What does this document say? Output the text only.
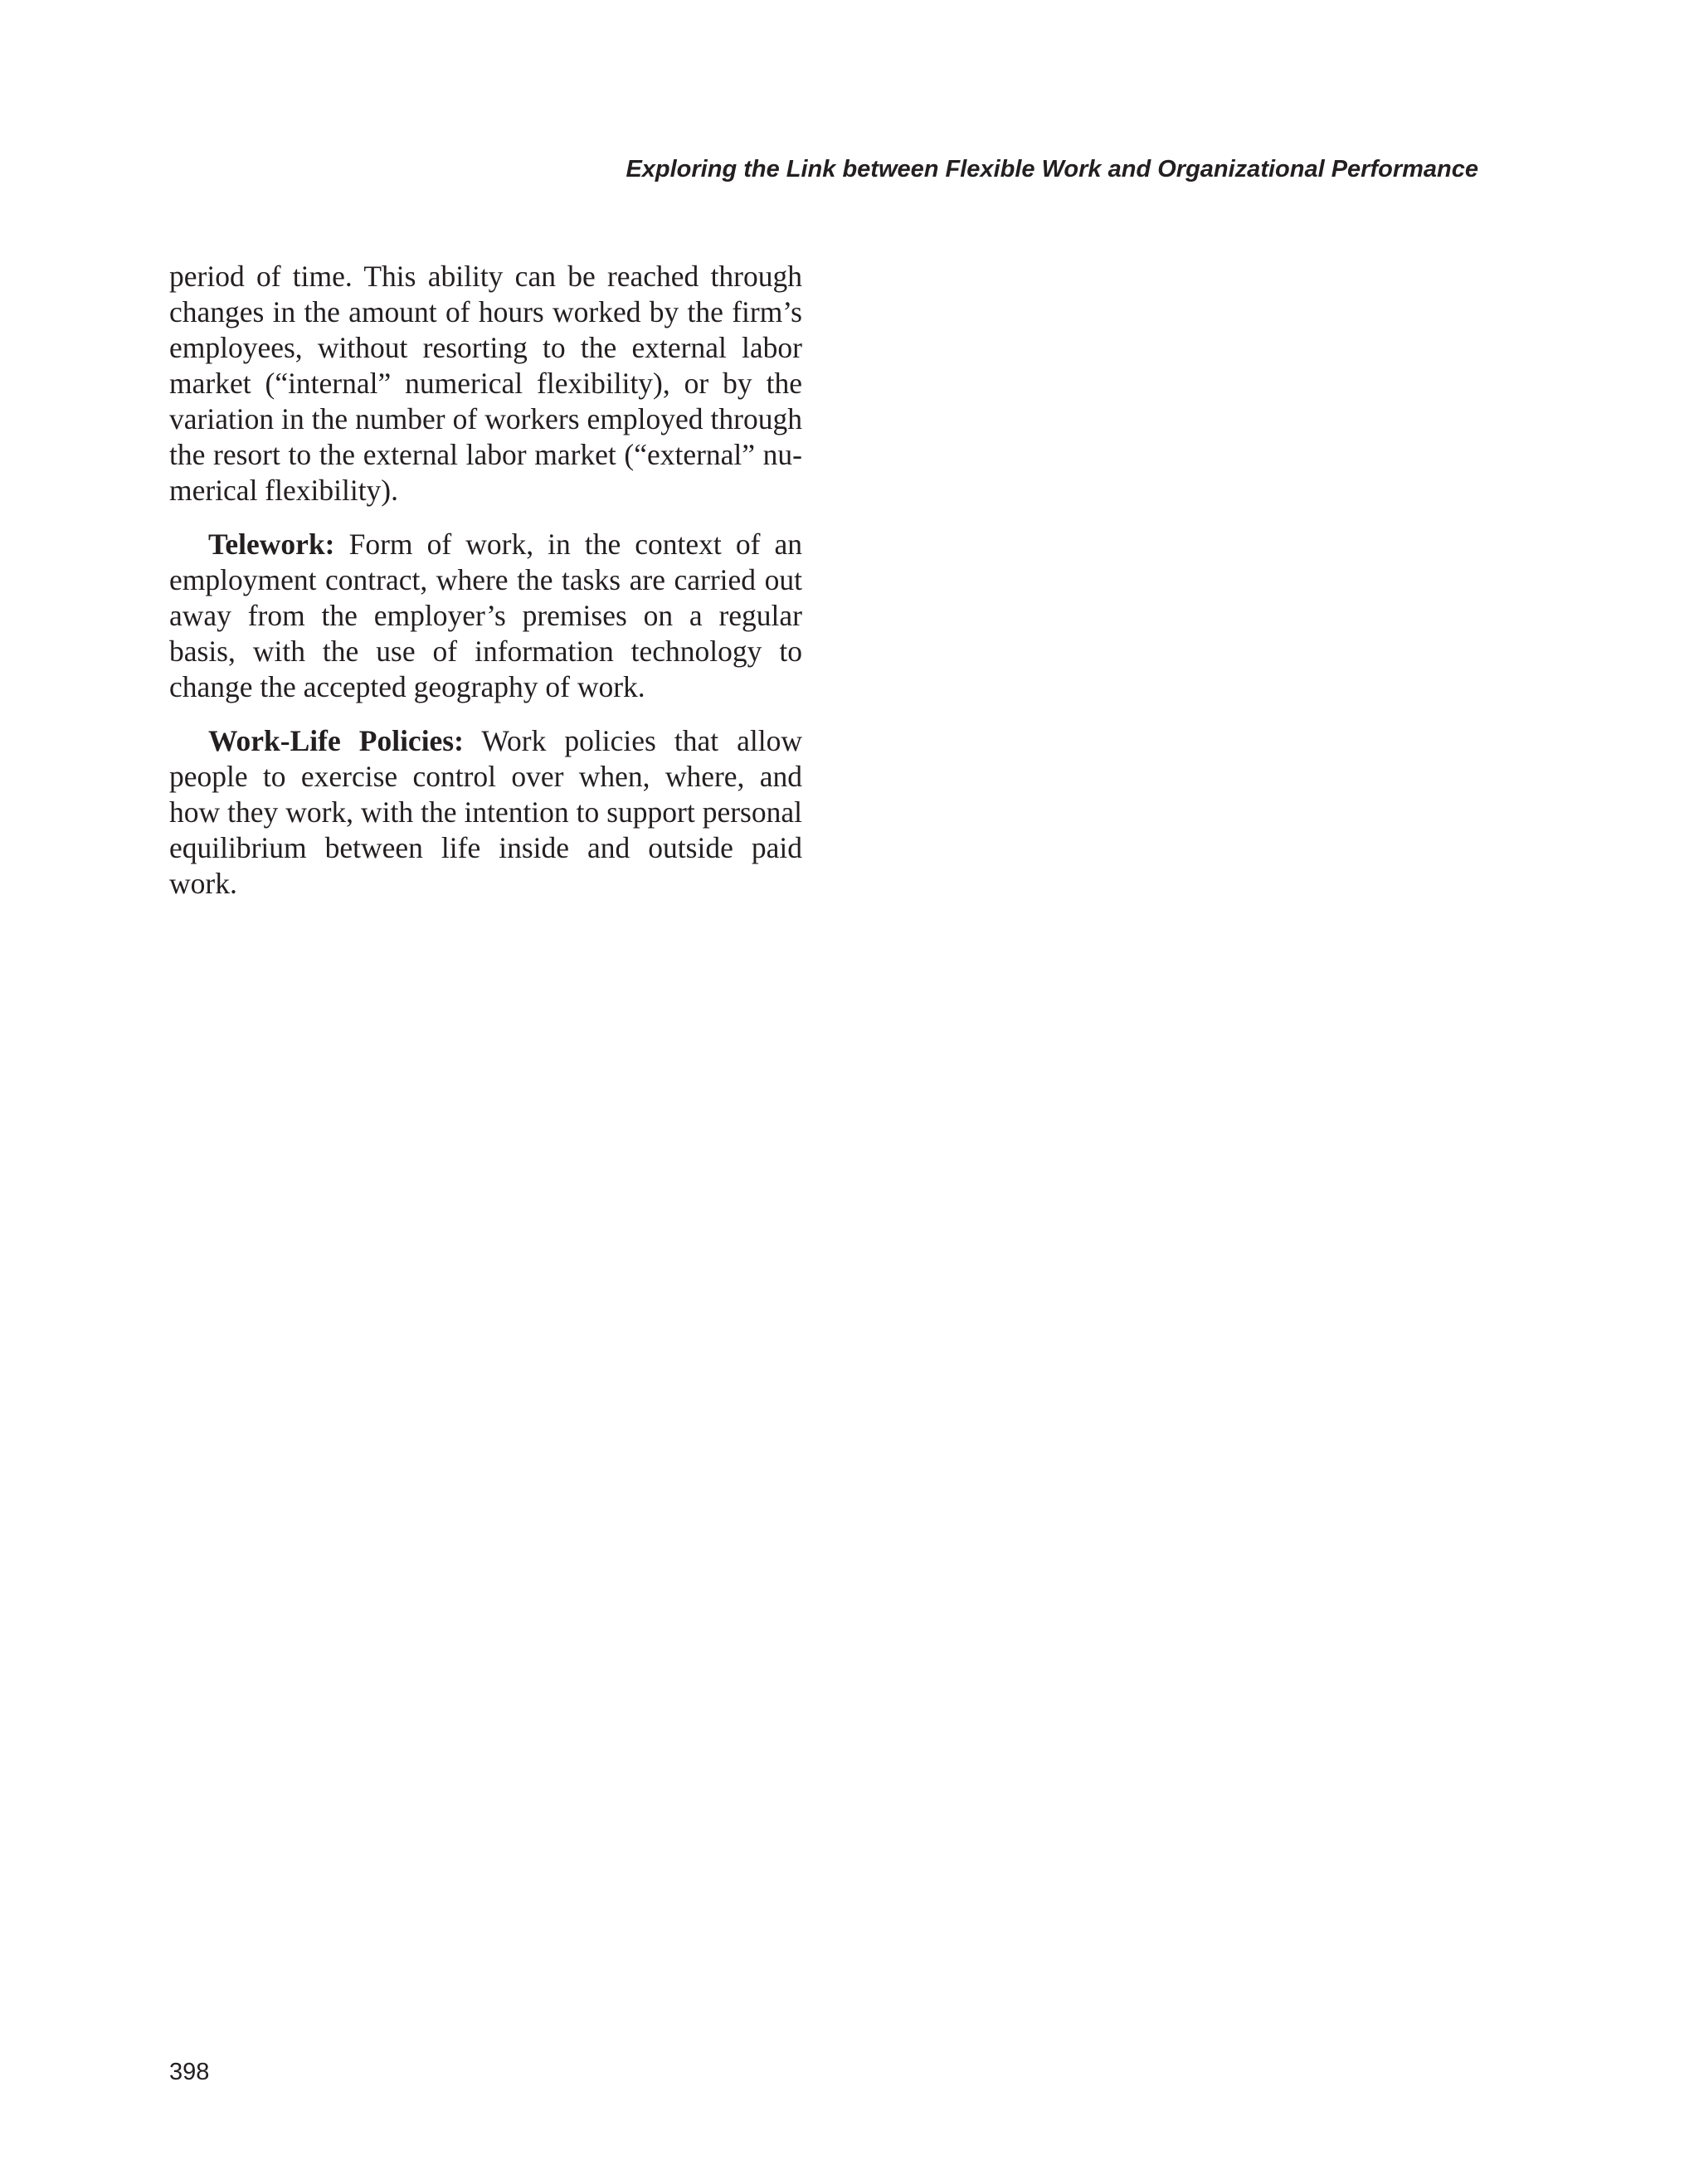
Exploring the Link between Flexible Work and Organizational Performance

period of time. This ability can be reached through changes in the amount of hours worked by the firm’s employees, without resorting to the external labor market (“internal” numerical flexibility), or by the variation in the number of workers employed through the resort to the external labor market (“external” numerical flexibility).

Telework: Form of work, in the context of an employment contract, where the tasks are carried out away from the employer’s premises on a regular basis, with the use of information technology to change the accepted geography of work.

Work-Life Policies: Work policies that allow people to exercise control over when, where, and how they work, with the intention to support personal equilibrium between life inside and outside paid work.

398
